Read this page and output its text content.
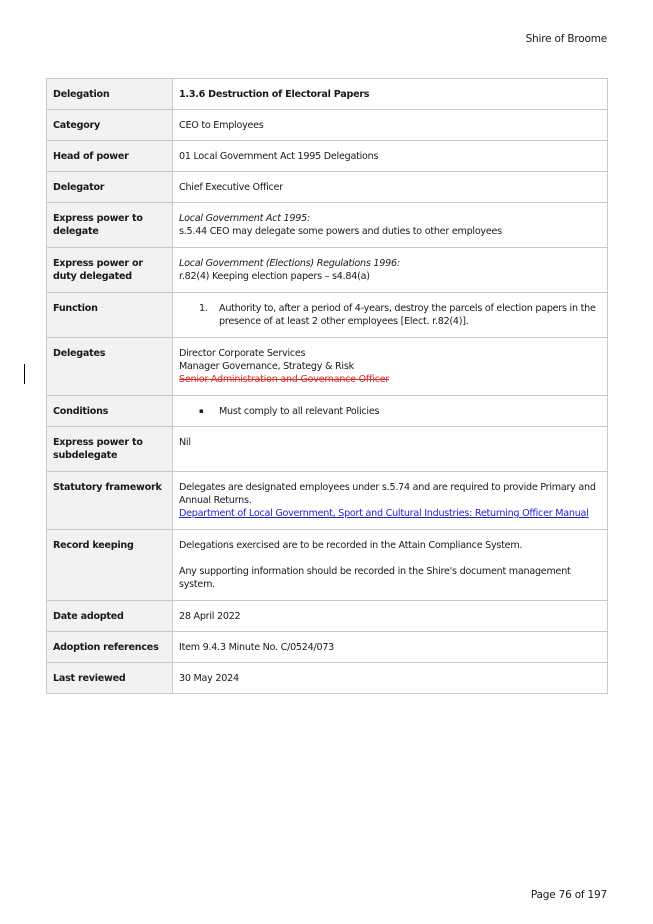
Shire of Broome
Delegation	1.3.6 Destruction of Electoral Papers
Category	CEO to Employees
Head of power	01 Local Government Act 1995 Delegations
Delegator	Chief Executive Officer
Express power to delegate	Local Government Act 1995:
s.5.44 CEO may delegate some powers and duties to other employees

Express power or duty delegated	Local Government (Elections) Regulations 1996:
r.82(4) Keeping election papers – s4.84(a)

Function	1. Authority to, after a period of 4-years, destroy the parcels of election papers in the presence of at least 2 other employees [Elect. r.82(4)].

Delegates	Director Corporate Services
Manager Governance, Strategy & Risk
Senior Administration and Governance Officer

Conditions	▪ Must comply to all relevant Policies

Express power to subdelegate	Nil
Statutory framework	Delegates are designated employees under s.5.74 and are required to provide Primary and Annual Returns.
Department of Local Government, Sport and Cultural Industries: Returning Officer Manual
Record keeping	Delegations exercised are to be recorded in the Attain Compliance System.
Any supporting information should be recorded in the Shire's document management system.

Date adopted	28 April 2022
Adoption references	Item 9.4.3 Minute No. C/0524/073
Last reviewed	30 May 2024
Page 76 of 197
